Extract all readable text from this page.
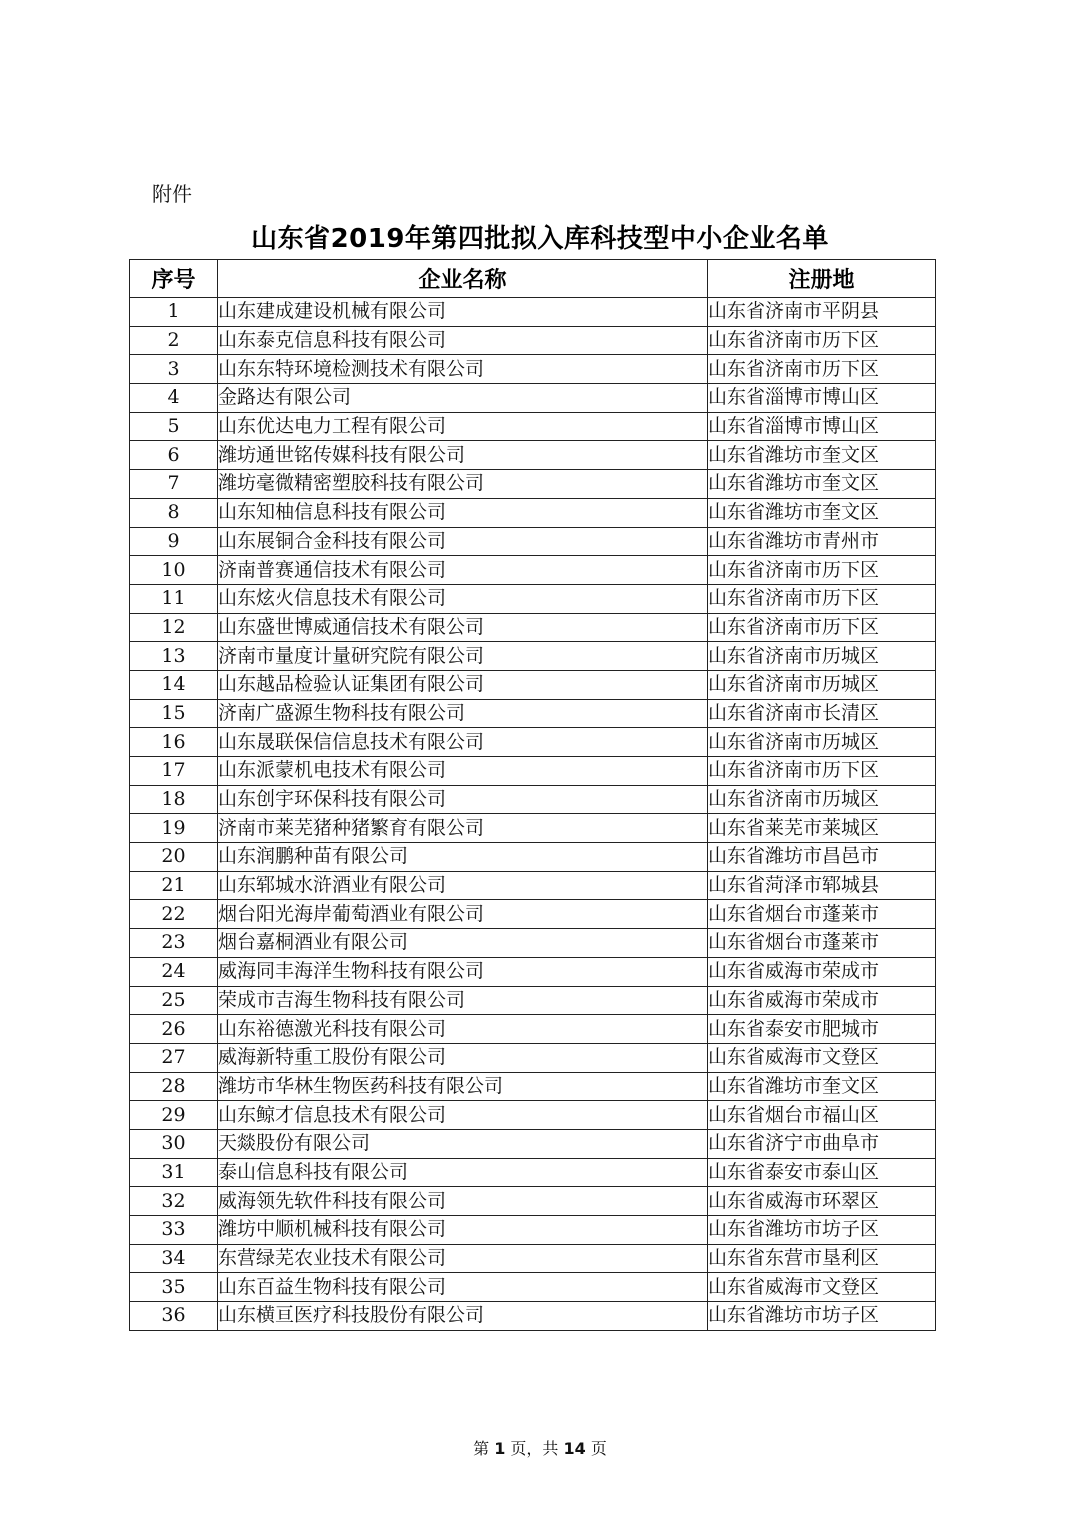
附件
山东省2019年第四批拟入库科技型中小企业名单
序号	企业名称	注册地
1	山东建成建设机械有限公司	山东省济南市平阴县
2	山东泰克信息科技有限公司	山东省济南市历下区
3	山东东特环境检测技术有限公司	山东省济南市历下区
4	金路达有限公司	山东省淄博市博山区
5	山东优达电力工程有限公司	山东省淄博市博山区
6	潍坊通世铭传媒科技有限公司	山东省潍坊市奎文区
7	潍坊毫微精密塑胶科技有限公司	山东省潍坊市奎文区
8	山东知柚信息科技有限公司	山东省潍坊市奎文区
9	山东展铜合金科技有限公司	山东省潍坊市青州市
10	济南普赛通信技术有限公司	山东省济南市历下区
11	山东炫火信息技术有限公司	山东省济南市历下区
12	山东盛世博威通信技术有限公司	山东省济南市历下区
13	济南市量度计量研究院有限公司	山东省济南市历城区
14	山东越品检验认证集团有限公司	山东省济南市历城区
15	济南广盛源生物科技有限公司	山东省济南市长清区
16	山东晟联保信信息技术有限公司	山东省济南市历城区
17	山东派蒙机电技术有限公司	山东省济南市历下区
18	山东创宇环保科技有限公司	山东省济南市历城区
19	济南市莱芜猪种猪繁育有限公司	山东省莱芜市莱城区
20	山东润鹏种苗有限公司	山东省潍坊市昌邑市
21	山东郓城水浒酒业有限公司	山东省菏泽市郓城县
22	烟台阳光海岸葡萄酒业有限公司	山东省烟台市蓬莱市
23	烟台嘉桐酒业有限公司	山东省烟台市蓬莱市
24	威海同丰海洋生物科技有限公司	山东省威海市荣成市
25	荣成市吉海生物科技有限公司	山东省威海市荣成市
26	山东裕德激光科技有限公司	山东省泰安市肥城市
27	威海新特重工股份有限公司	山东省威海市文登区
28	潍坊市华林生物医药科技有限公司	山东省潍坊市奎文区
29	山东鲸才信息技术有限公司	山东省烟台市福山区
30	天燚股份有限公司	山东省济宁市曲阜市
31	泰山信息科技有限公司	山东省泰安市泰山区
32	威海领先软件科技有限公司	山东省威海市环翠区
33	潍坊中顺机械科技有限公司	山东省潍坊市坊子区
34	东营绿芜农业技术有限公司	山东省东营市垦利区
35	山东百益生物科技有限公司	山东省威海市文登区
36	山东横亘医疗科技股份有限公司	山东省潍坊市坊子区
第 1 页，共 14 页
